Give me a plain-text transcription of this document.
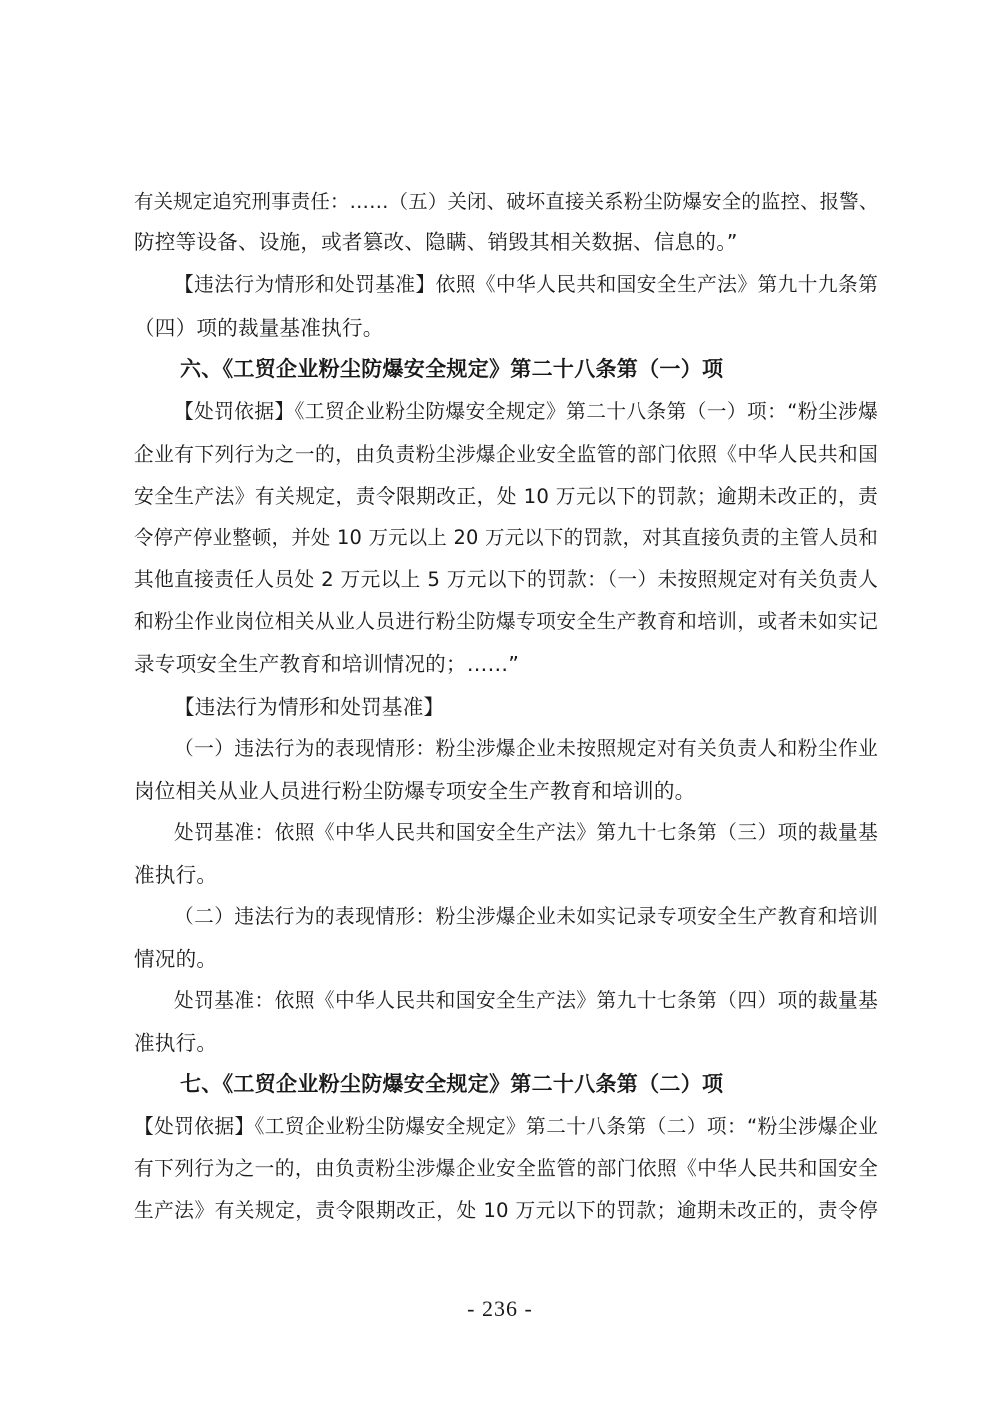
有关规定追究刑事责任：……（五）关闭、破坏直接关系粉尘防爆安全的监控、报警、
防控等设备、设施，或者篡改、隐瞒、销毁其相关数据、信息的。”
【违法行为情形和处罚基准】依照《中华人民共和国安全生产法》第九十九条第
（四）项的裁量基准执行。
六、《工贸企业粉尘防爆安全规定》第二十八条第（一）项
【处罚依据】《工贸企业粉尘防爆安全规定》第二十八条第（一）项：“粉尘涉爆
企业有下列行为之一的，由负责粉尘涉爆企业安全监管的部门依照《中华人民共和国
安全生产法》有关规定，责令限期改正，处 10 万元以下的罚款；逾期未改正的，责
令停产停业整顿，并处 10 万元以上 20 万元以下的罚款，对其直接负责的主管人员和
其他直接责任人员处 2 万元以上 5 万元以下的罚款：（一）未按照规定对有关负责人
和粉尘作业岗位相关从业人员进行粉尘防爆专项安全生产教育和培训，或者未如实记
录专项安全生产教育和培训情况的；……”
【违法行为情形和处罚基准】
（一）违法行为的表现情形：粉尘涉爆企业未按照规定对有关负责人和粉尘作业
岗位相关从业人员进行粉尘防爆专项安全生产教育和培训的。
处罚基准：依照《中华人民共和国安全生产法》第九十七条第（三）项的裁量基
准执行。
（二）违法行为的表现情形：粉尘涉爆企业未如实记录专项安全生产教育和培训
情况的。
处罚基准：依照《中华人民共和国安全生产法》第九十七条第（四）项的裁量基
准执行。
七、《工贸企业粉尘防爆安全规定》第二十八条第（二）项
【处罚依据】《工贸企业粉尘防爆安全规定》第二十八条第（二）项：“粉尘涉爆企业
有下列行为之一的，由负责粉尘涉爆企业安全监管的部门依照《中华人民共和国安全
生产法》有关规定，责令限期改正，处 10 万元以下的罚款；逾期未改正的，责令停
- 236 -
